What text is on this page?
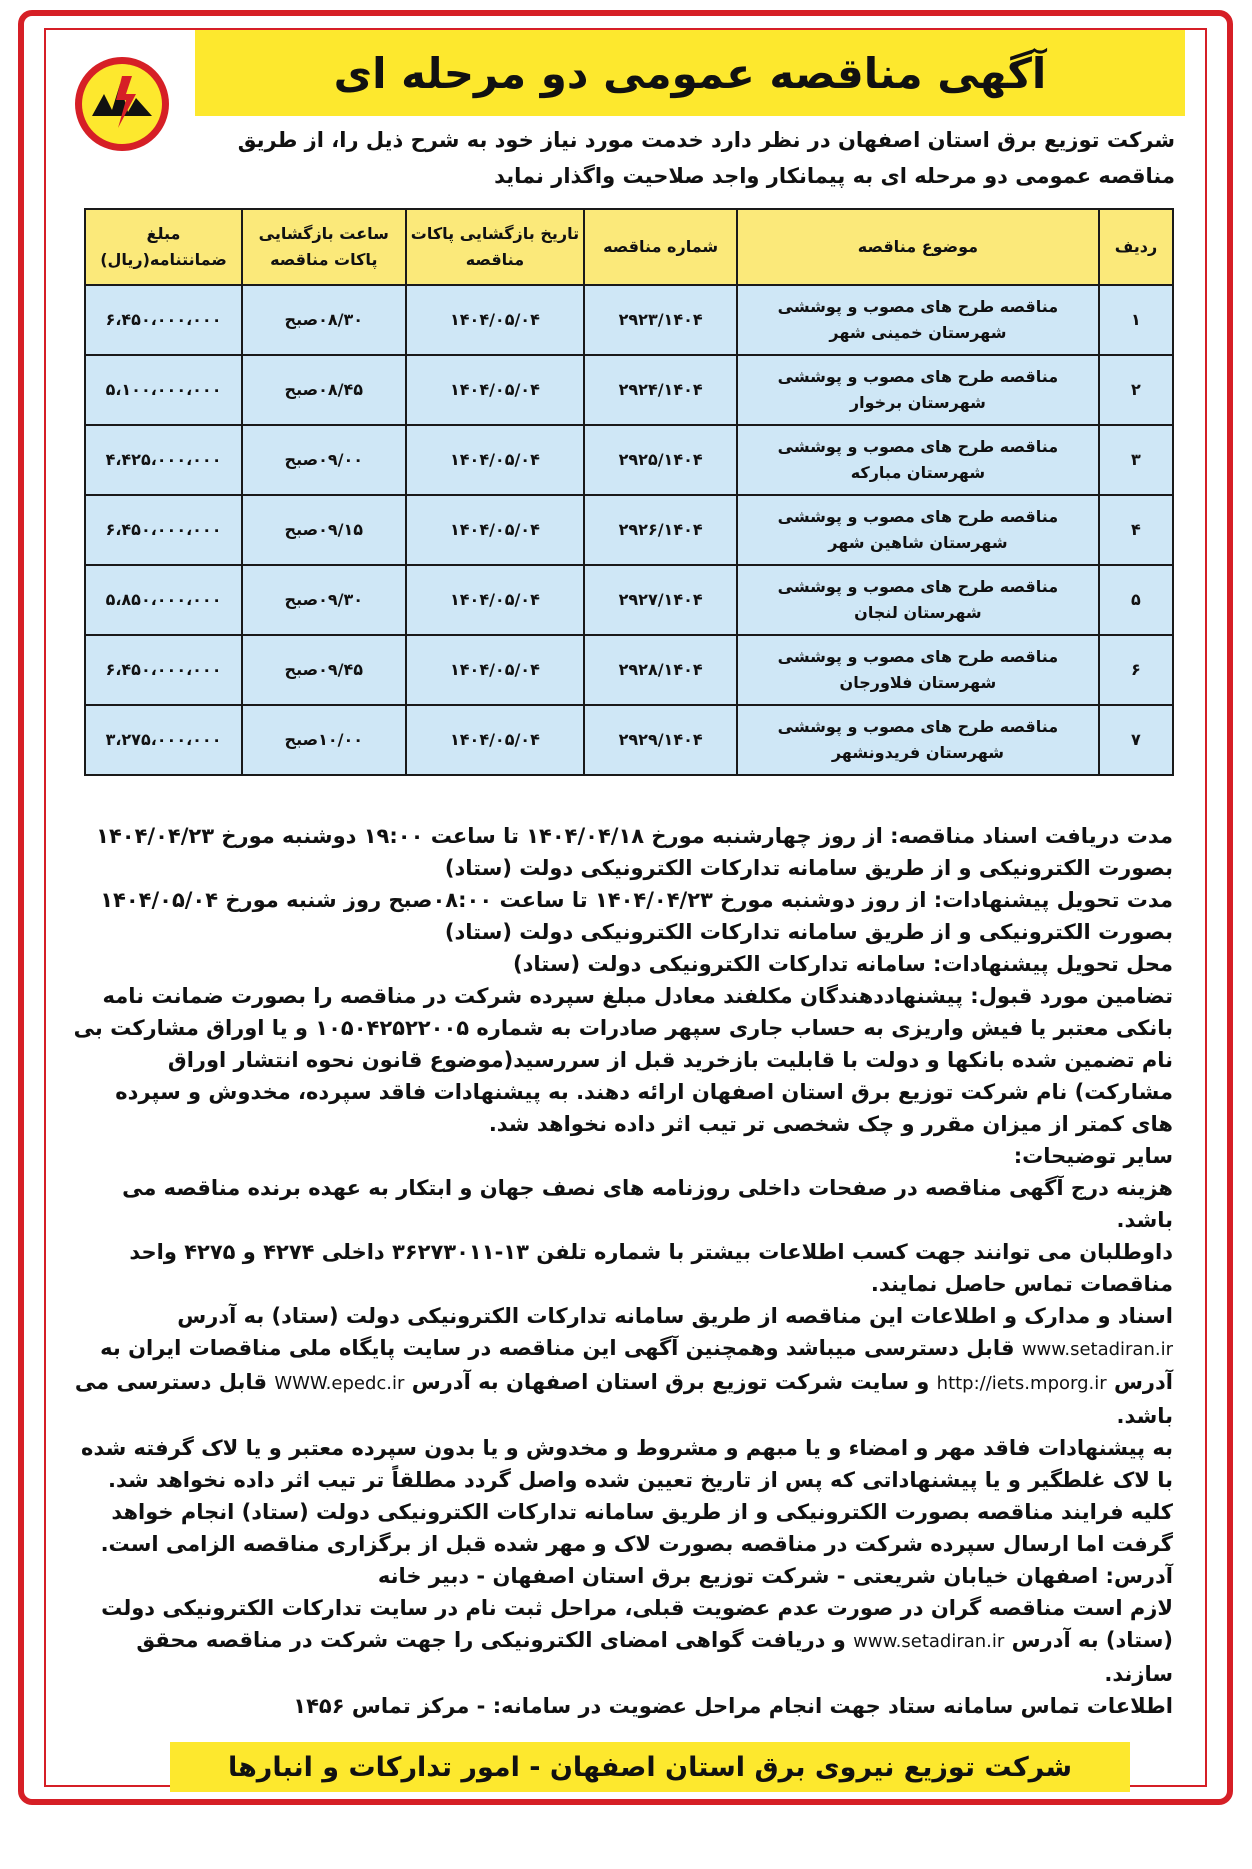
آگهی مناقصه عمومی دو مرحله ای
شرکت توزیع برق استان اصفهان در نظر دارد خدمت مورد نیاز خود به شرح ذیل را، از طریق مناقصه عمومی دو مرحله ای به پیمانکار واجد صلاحیت واگذار نماید
ردیف	موضوع مناقصه	شماره مناقصه	تاریخ بازگشایی پاکات مناقصه	ساعت بازگشایی پاکات مناقصه	مبلغ ضمانتنامه(ریال)
۱	مناقصه طرح های مصوب و پوششی شهرستان خمینی شهر	۲۹۲۳/۱۴۰۴	۱۴۰۴/۰۵/۰۴	۰۸/۳۰صبح	۶،۴۵۰،۰۰۰،۰۰۰
۲	مناقصه طرح های مصوب و پوششی شهرستان برخوار	۲۹۲۴/۱۴۰۴	۱۴۰۴/۰۵/۰۴	۰۸/۴۵صبح	۵،۱۰۰،۰۰۰،۰۰۰
۳	مناقصه طرح های مصوب و پوششی شهرستان مبارکه	۲۹۲۵/۱۴۰۴	۱۴۰۴/۰۵/۰۴	۰۹/۰۰صبح	۴،۴۲۵،۰۰۰،۰۰۰
۴	مناقصه طرح های مصوب و پوششی شهرستان شاهین شهر	۲۹۲۶/۱۴۰۴	۱۴۰۴/۰۵/۰۴	۰۹/۱۵صبح	۶،۴۵۰،۰۰۰،۰۰۰
۵	مناقصه طرح های مصوب و پوششی شهرستان لنجان	۲۹۲۷/۱۴۰۴	۱۴۰۴/۰۵/۰۴	۰۹/۳۰صبح	۵،۸۵۰،۰۰۰،۰۰۰
۶	مناقصه طرح های مصوب و پوششی شهرستان فلاورجان	۲۹۲۸/۱۴۰۴	۱۴۰۴/۰۵/۰۴	۰۹/۴۵صبح	۶،۴۵۰،۰۰۰،۰۰۰
۷	مناقصه طرح های مصوب و پوششی شهرستان فریدونشهر	۲۹۲۹/۱۴۰۴	۱۴۰۴/۰۵/۰۴	۱۰/۰۰صبح	۳،۲۷۵،۰۰۰،۰۰۰

مدت دریافت اسناد مناقصه: از روز چهارشنبه مورخ ۱۴۰۴/۰۴/۱۸ تا ساعت ۱۹:۰۰ دوشنبه مورخ ۱۴۰۴/۰۴/۲۳ بصورت الکترونیکی و از طریق سامانه تدارکات الکترونیکی دولت (ستاد)

مدت تحویل پیشنهادات: از روز دوشنبه مورخ ۱۴۰۴/۰۴/۲۳ تا ساعت ۰۸:۰۰صبح روز شنبه مورخ ۱۴۰۴/۰۵/۰۴ بصورت الکترونیکی و از طریق سامانه تدارکات الکترونیکی دولت (ستاد)

محل تحویل پیشنهادات: سامانه تدارکات الکترونیکی دولت (ستاد)

تضامین مورد قبول: پیشنهاددهندگان مکلفند معادل مبلغ سپرده شرکت در مناقصه را بصورت ضمانت نامه بانکی معتبر یا فیش واریزی به حساب جاری سپهر صادرات به شماره ۱۰۵۰۴۲۵۲۲۰۰۵ و یا اوراق مشارکت بی نام تضمین شده بانکها و دولت با قابلیت بازخرید قبل از سررسید(موضوع قانون نحوه انتشار اوراق مشارکت) نام شرکت توزیع برق استان اصفهان ارائه دهند. به پیشنهادات فاقد سپرده، مخدوش و سپرده های کمتر از میزان مقرر و چک شخصی تر تیب اثر داده نخواهد شد.

سایر توضیحات:

هزینه درج آگهی مناقصه در صفحات داخلی روزنامه های نصف جهان و ابتکار به عهده برنده مناقصه می باشد.

داوطلبان می توانند جهت کسب اطلاعات بیشتر با شماره تلفن ۱۳-۳۶۲۷۳۰۱۱ داخلی ۴۲۷۴ و ۴۲۷۵ واحد مناقصات تماس حاصل نمایند.

اسناد و مدارک و اطلاعات این مناقصه از طریق سامانه تدارکات الکترونیکی دولت (ستاد) به آدرس www.setadiran.ir قابل دسترسی میباشد وهمچنین آگهی این مناقصه در سایت پایگاه ملی مناقصات ایران به آدرس http://iets.mporg.ir و سایت شرکت توزیع برق استان اصفهان به آدرس WWW.epedc.ir قابل دسترسی می باشد.

به پیشنهادات فاقد مهر و امضاء و یا مبهم و مشروط و مخدوش و یا بدون سپرده معتبر و یا لاک گرفته شده با لاک غلطگیر و یا پیشنهاداتی که پس از تاریخ تعیین شده واصل گردد مطلقاً تر تیب اثر داده نخواهد شد.

کلیه فرایند مناقصه بصورت الکترونیکی و از طریق سامانه تدارکات الکترونیکی دولت (ستاد) انجام خواهد گرفت اما ارسال سپرده شرکت در مناقصه بصورت لاک و مهر شده قبل از برگزاری مناقصه الزامی است.

آدرس: اصفهان خیابان شریعتی - شرکت توزیع برق استان اصفهان - دبیر خانه

لازم است مناقصه گران در صورت عدم عضویت قبلی، مراحل ثبت نام در سایت تدارکات الکترونیکی دولت (ستاد) به آدرس www.setadiran.ir و دریافت گواهی امضای الکترونیکی را جهت شرکت در مناقصه محقق سازند.

اطلاعات تماس سامانه ستاد جهت انجام مراحل عضویت در سامانه: - مرکز تماس ۱۴۵۶

شرکت توزیع نیروی برق استان اصفهان - امور تدارکات و انبارها
